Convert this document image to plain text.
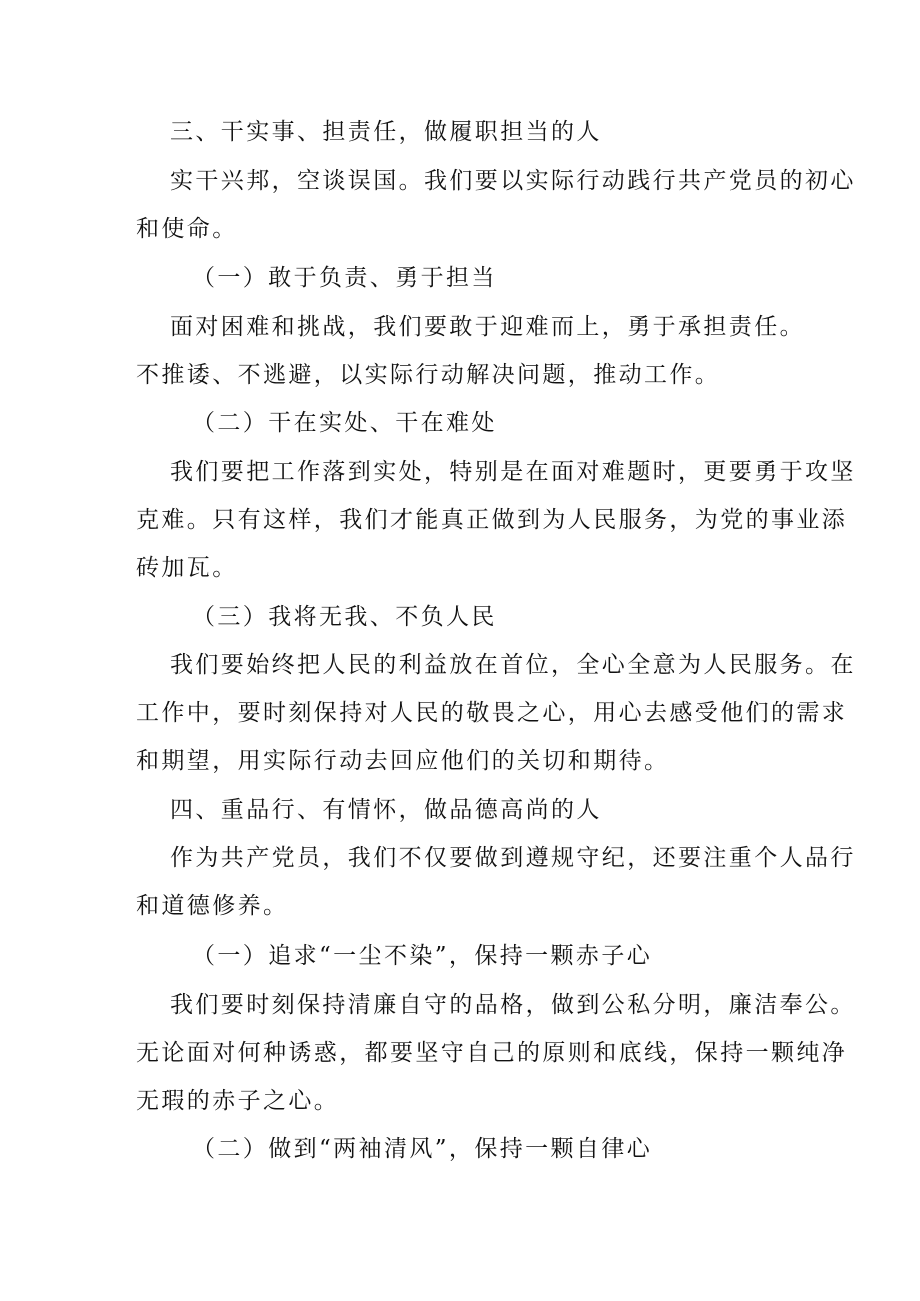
三、干实事、担责任，做履职担当的人
实干兴邦，空谈误国。我们要以实际行动践行共产党员的初心
和使命。
（一）敢于负责、勇于担当
面对困难和挑战，我们要敢于迎难而上，勇于承担责任。
不推诿、不逃避，以实际行动解决问题，推动工作。
（二）干在实处、干在难处
我们要把工作落到实处，特别是在面对难题时，更要勇于攻坚
克难。只有这样，我们才能真正做到为人民服务，为党的事业添
砖加瓦。
（三）我将无我、不负人民
我们要始终把人民的利益放在首位，全心全意为人民服务。在
工作中，要时刻保持对人民的敬畏之心，用心去感受他们的需求
和期望，用实际行动去回应他们的关切和期待。
四、重品行、有情怀，做品德高尚的人
作为共产党员，我们不仅要做到遵规守纪，还要注重个人品行
和道德修养。
（一）追求“一尘不染”，保持一颗赤子心
我们要时刻保持清廉自守的品格，做到公私分明，廉洁奉公。
无论面对何种诱惑，都要坚守自己的原则和底线，保持一颗纯净
无瑕的赤子之心。
（二）做到“两袖清风”，保持一颗自律心
